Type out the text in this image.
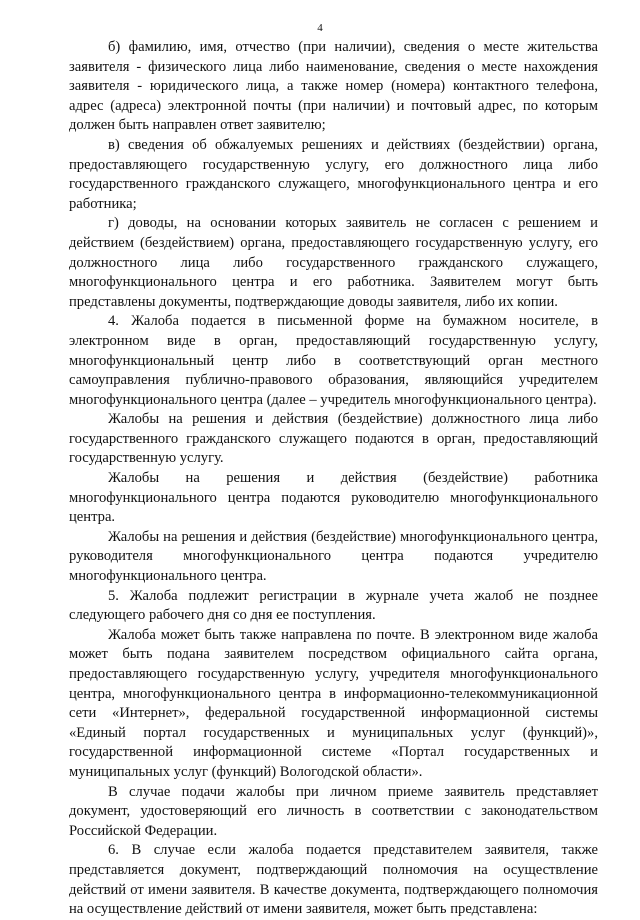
4

б) фамилию, имя, отчество (при наличии), сведения о месте жительства заявителя - физического лица либо наименование, сведения о месте нахождения заявителя - юридического лица, а также номер (номера) контактного телефона, адрес (адреса) электронной почты (при наличии) и почтовый адрес, по которым должен быть направлен ответ заявителю;

в) сведения об обжалуемых решениях и действиях (бездействии) органа, предоставляющего государственную услугу, его должностного лица либо государственного гражданского служащего, многофункционального центра и его работника;

г) доводы, на основании которых заявитель не согласен с решением и действием (бездействием) органа, предоставляющего государственную услугу, его должностного лица либо государственного гражданского служащего, многофункционального центра и его работника. Заявителем могут быть представлены документы, подтверждающие доводы заявителя, либо их копии.

4. Жалоба подается в письменной форме на бумажном носителе, в электронном виде в орган, предоставляющий государственную услугу, многофункциональный центр либо в соответствующий орган местного самоуправления публично-правового образования, являющийся учредителем многофункционального центра (далее – учредитель многофункционального центра).

Жалобы на решения и действия (бездействие) должностного лица либо государственного гражданского служащего подаются в орган, предоставляющий государственную услугу.

Жалобы на решения и действия (бездействие) работника многофункционального центра подаются руководителю многофункционального центра.

Жалобы на решения и действия (бездействие) многофункционального центра, руководителя многофункционального центра подаются учредителю многофункционального центра.

5. Жалоба подлежит регистрации в журнале учета жалоб не позднее следующего рабочего дня со дня ее поступления.

Жалоба может быть также направлена по почте. В электронном виде жалоба может быть подана заявителем посредством официального сайта органа, предоставляющего государственную услугу, учредителя многофункционального центра, многофункционального центра в информационно-телекоммуникационной сети «Интернет», федеральной государственной информационной системы «Единый портал государственных и муниципальных услуг (функций)», государственной информационной системе «Портал государственных и муниципальных услуг (функций) Вологодской области».

В случае подачи жалобы при личном приеме заявитель представляет документ, удостоверяющий его личность в соответствии с законодательством Российской Федерации.

6. В случае если жалоба подается представителем заявителя, также представляется документ, подтверждающий полномочия на осуществление действий от имени заявителя. В качестве документа, подтверждающего полномочия на осуществление действий от имени заявителя, может быть представлена:
